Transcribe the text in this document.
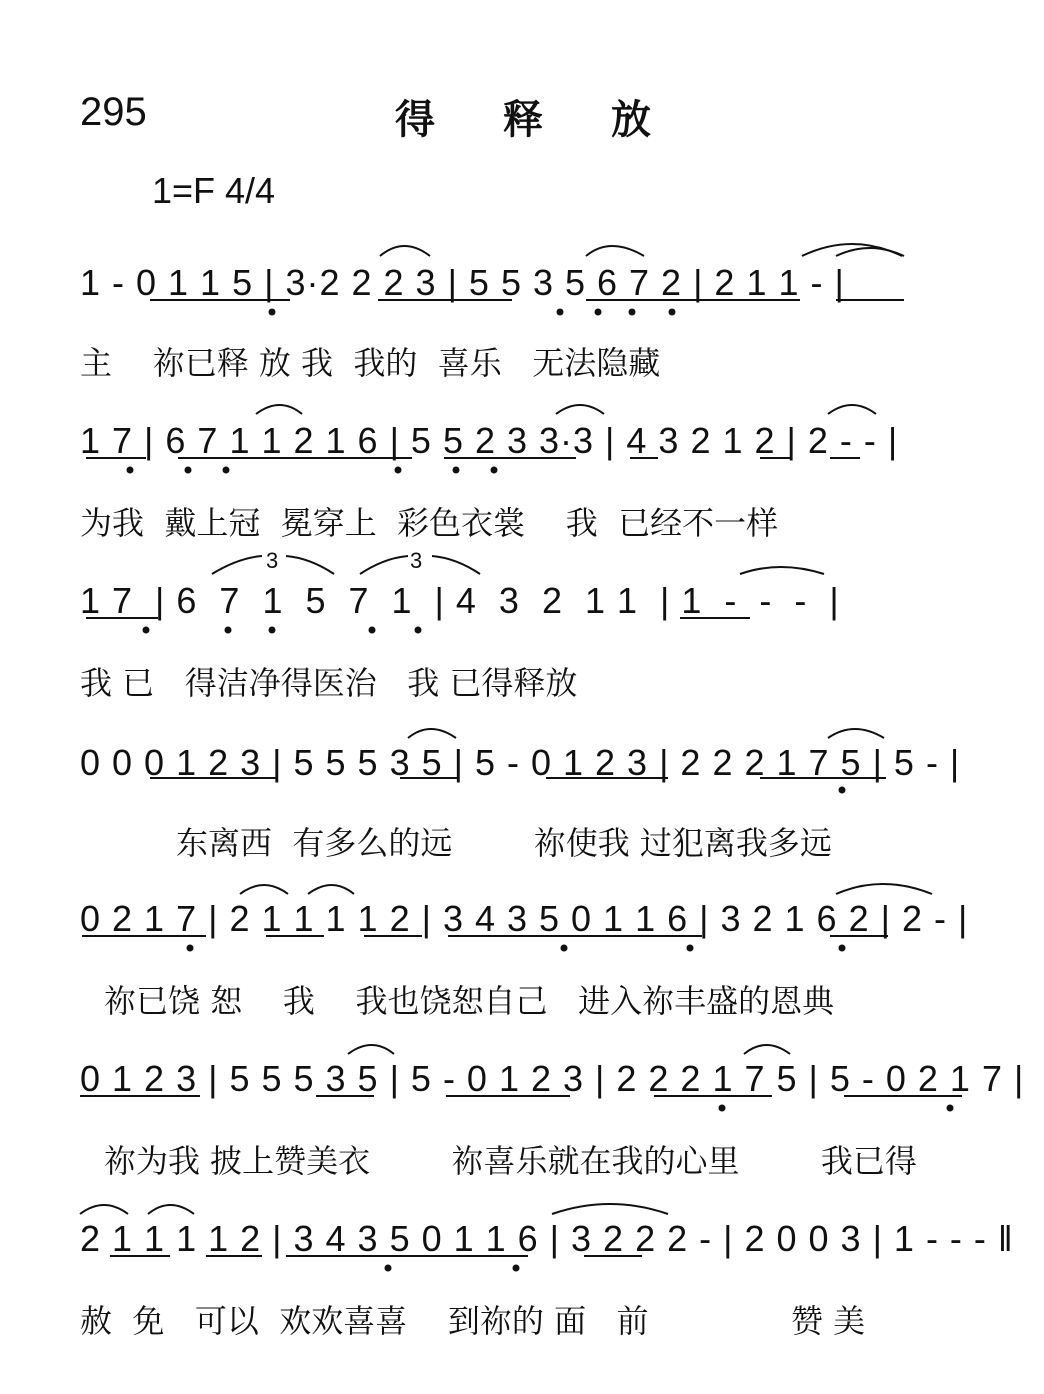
295	得释放
1=F 4/4
1 - 0 1 1 5 | 3·2 2 2 3 | 5 5 3 5 6 7 2 | 2 1 1 - |
主    祢已释 放 我  我的  喜乐   无法隐藏
1 7 | 6 7 1 1 2 1 6 | 5 5 2 3 3·3 | 4 3 2 1 2 | 2 - - |
为我  戴上冠  冕穿上  彩色衣裳    我  已经不一样
3	3
1 7  | 6  7  1  5  7  1  | 4  3  2  1 1  | 1  -  -  -  |
我 已   得洁净得医治   我 已得释放
0 0 0 1 2 3 | 5 5 5 3 5 | 5 - 0 1 2 3 | 2 2 2 1 7 5 | 5 - |
东离西  有多么的远        祢使我 过犯离我多远
0 2 1 7 | 2 1 1 1 1 2 | 3 4 3 5 0 1 1 6 | 3 2 1 6 2 | 2 - |
祢已饶 恕    我    我也饶恕自己   进入祢丰盛的恩典
0 1 2 3 | 5 5 5 3 5 | 5 - 0 1 2 3 | 2 2 2 1 7 5 | 5 - 0 2 1 7 |
祢为我 披上赞美衣        祢喜乐就在我的心里        我已得
2 1 1 1 1 2 | 3 4 3 5 0 1 1 6 | 3 2 2 2 - | 2 0 0 3 | 1 - - - ‖
赦  免   可以  欢欢喜喜    到祢的 面   前              赞 美
